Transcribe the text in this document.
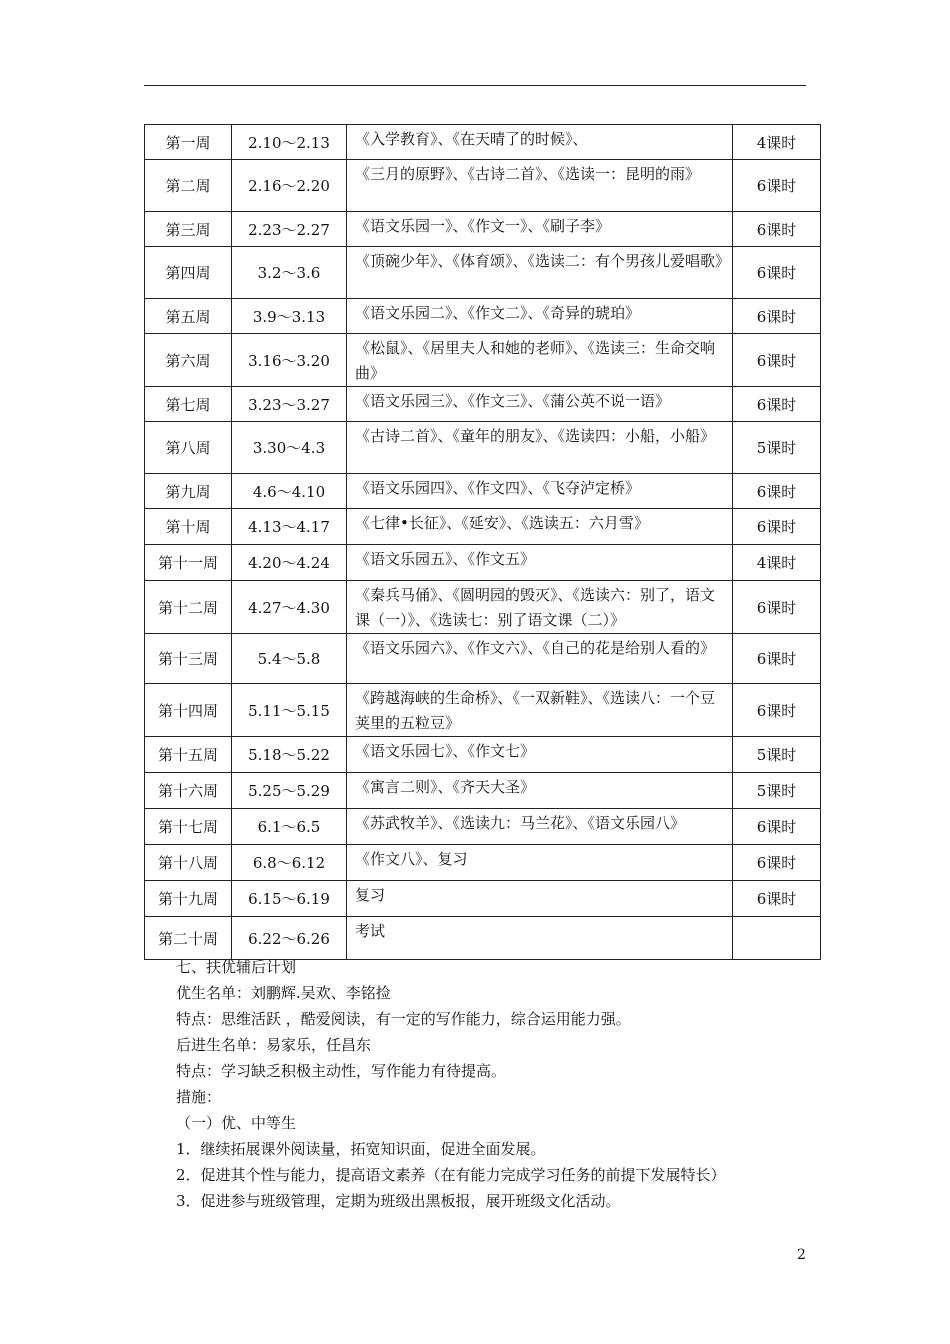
第一周	2.10～2.13	《入学教育》、《在天晴了的时候》、	4课时
第二周	2.16～2.20	《三月的原野》、《古诗二首》、《选读一：昆明的雨》	6课时
第三周	2.23～2.27	《语文乐园一》、《作文一》、《刷子李》	6课时
第四周	3.2～3.6	《顶碗少年》、《体育颂》、《选读二：有个男孩儿爱唱歌》	6课时
第五周	3.9～3.13	《语文乐园二》、《作文二》、《奇异的琥珀》	6课时
第六周	3.16～3.20	《松鼠》、《居里夫人和她的老师》、《选读三：生命交响曲》	6课时
第七周	3.23～3.27	《语文乐园三》、《作文三》、《蒲公英不说一语》	6课时
第八周	3.30～4.3	《古诗二首》、《童年的朋友》、《选读四：小船，小船》	5课时
第九周	4.6～4.10	《语文乐园四》、《作文四》、《飞夺泸定桥》	6课时
第十周	4.13～4.17	《七律•长征》、《延安》、《选读五：六月雪》	6课时
第十一周	4.20～4.24	《语文乐园五》、《作文五》	4课时
第十二周	4.27～4.30	《秦兵马俑》、《圆明园的毁灭》、《选读六：别了，语文课（一）》、《选读七：别了语文课（二）》	6课时
第十三周	5.4～5.8	《语文乐园六》、《作文六》、《自己的花是给别人看的》	6课时
第十四周	5.11～5.15	《跨越海峡的生命桥》、《一双新鞋》、《选读八：一个豆荚里的五粒豆》	6课时
第十五周	5.18～5.22	《语文乐园七》、《作文七》	5课时
第十六周	5.25～5.29	《寓言二则》、《齐天大圣》	5课时
第十七周	6.1～6.5	《苏武牧羊》、《选读九：马兰花》、《语文乐园八》	6课时
第十八周	6.8～6.12	《作文八》、复习	6课时
第十九周	6.15～6.19	复习	6课时
第二十周	6.22～6.26	考试	
七、扶优辅后计划
优生名单：刘鹏辉.吴欢、李铭捡
特点：思维活跃 ，酷爱阅读，有一定的写作能力，综合运用能力强。
后进生名单：易家乐，任昌东
特点：学习缺乏积极主动性，写作能力有待提高。
措施：
（一）优、中等生
1．继续拓展课外阅读量，拓宽知识面，促进全面发展。
2．促进其个性与能力，提高语文素养（在有能力完成学习任务的前提下发展特长）
3．促进参与班级管理，定期为班级出黑板报，展开班级文化活动。
2
